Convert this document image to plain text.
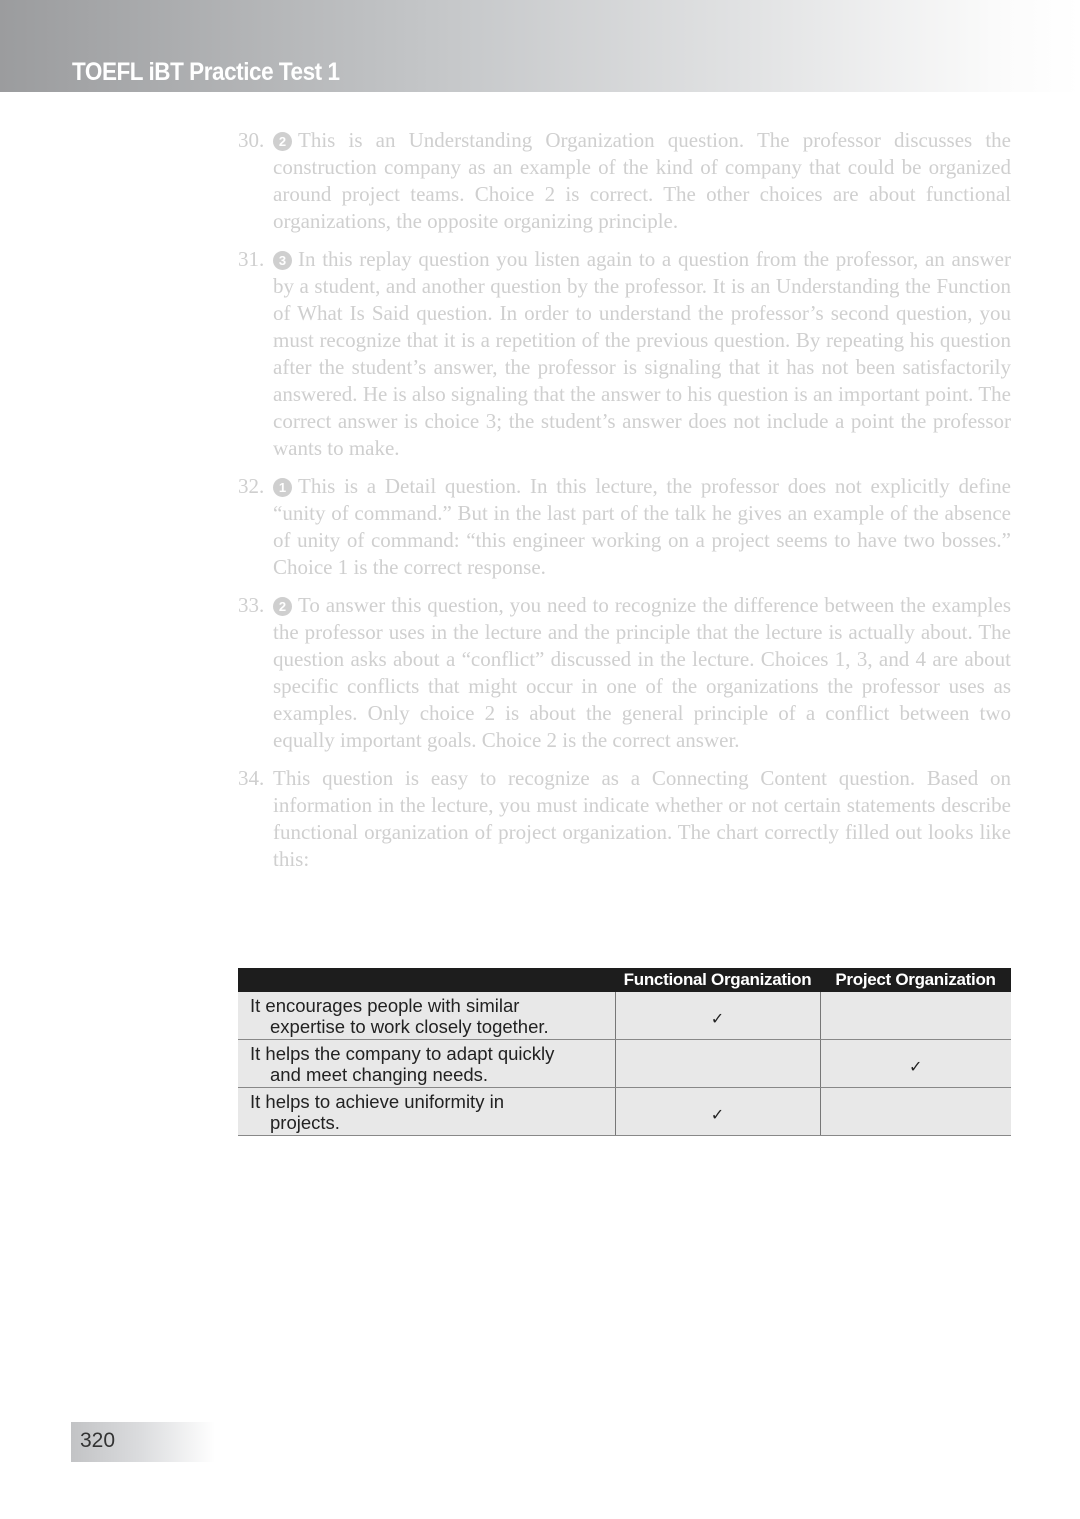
TOEFL iBT Practice Test 1
30. 2 This is an Understanding Organization question. The professor discusses the construction company as an example of the kind of company that could be organized around project teams. Choice 2 is correct. The other choices are about functional organizations, the opposite organizing principle.
31. 3 In this replay question you listen again to a question from the professor, an answer by a student, and another question by the professor. It is an Understanding the Function of What Is Said question. In order to understand the professor’s second question, you must recognize that it is a repetition of the previous question. By repeating his question after the student’s answer, the professor is signaling that it has not been satisfactorily answered. He is also signaling that the answer to his question is an important point. The correct answer is choice 3; the student’s answer does not include a point the professor wants to make.
32. 1 This is a Detail question. In this lecture, the professor does not explicitly define “unity of command.” But in the last part of the talk he gives an example of the absence of unity of command: “this engineer working on a project seems to have two bosses.” Choice 1 is the correct response.
33. 2 To answer this question, you need to recognize the difference between the examples the professor uses in the lecture and the principle that the lecture is actually about. The question asks about a “conflict” discussed in the lecture. Choices 1, 3, and 4 are about specific conflicts that might occur in one of the organizations the professor uses as examples. Only choice 2 is about the general principle of a conflict between two equally important goals. Choice 2 is the correct answer.
34. This question is easy to recognize as a Connecting Content question. Based on information in the lecture, you must indicate whether or not certain statements describe functional organization of project organization. The chart correctly filled out looks like this:
	Functional Organization	Project Organization
It encourages people with similar
expertise to work closely together.	✓	
It helps the company to adapt quickly
and meet changing needs.		✓
It helps to achieve uniformity in
projects.	✓	
320
